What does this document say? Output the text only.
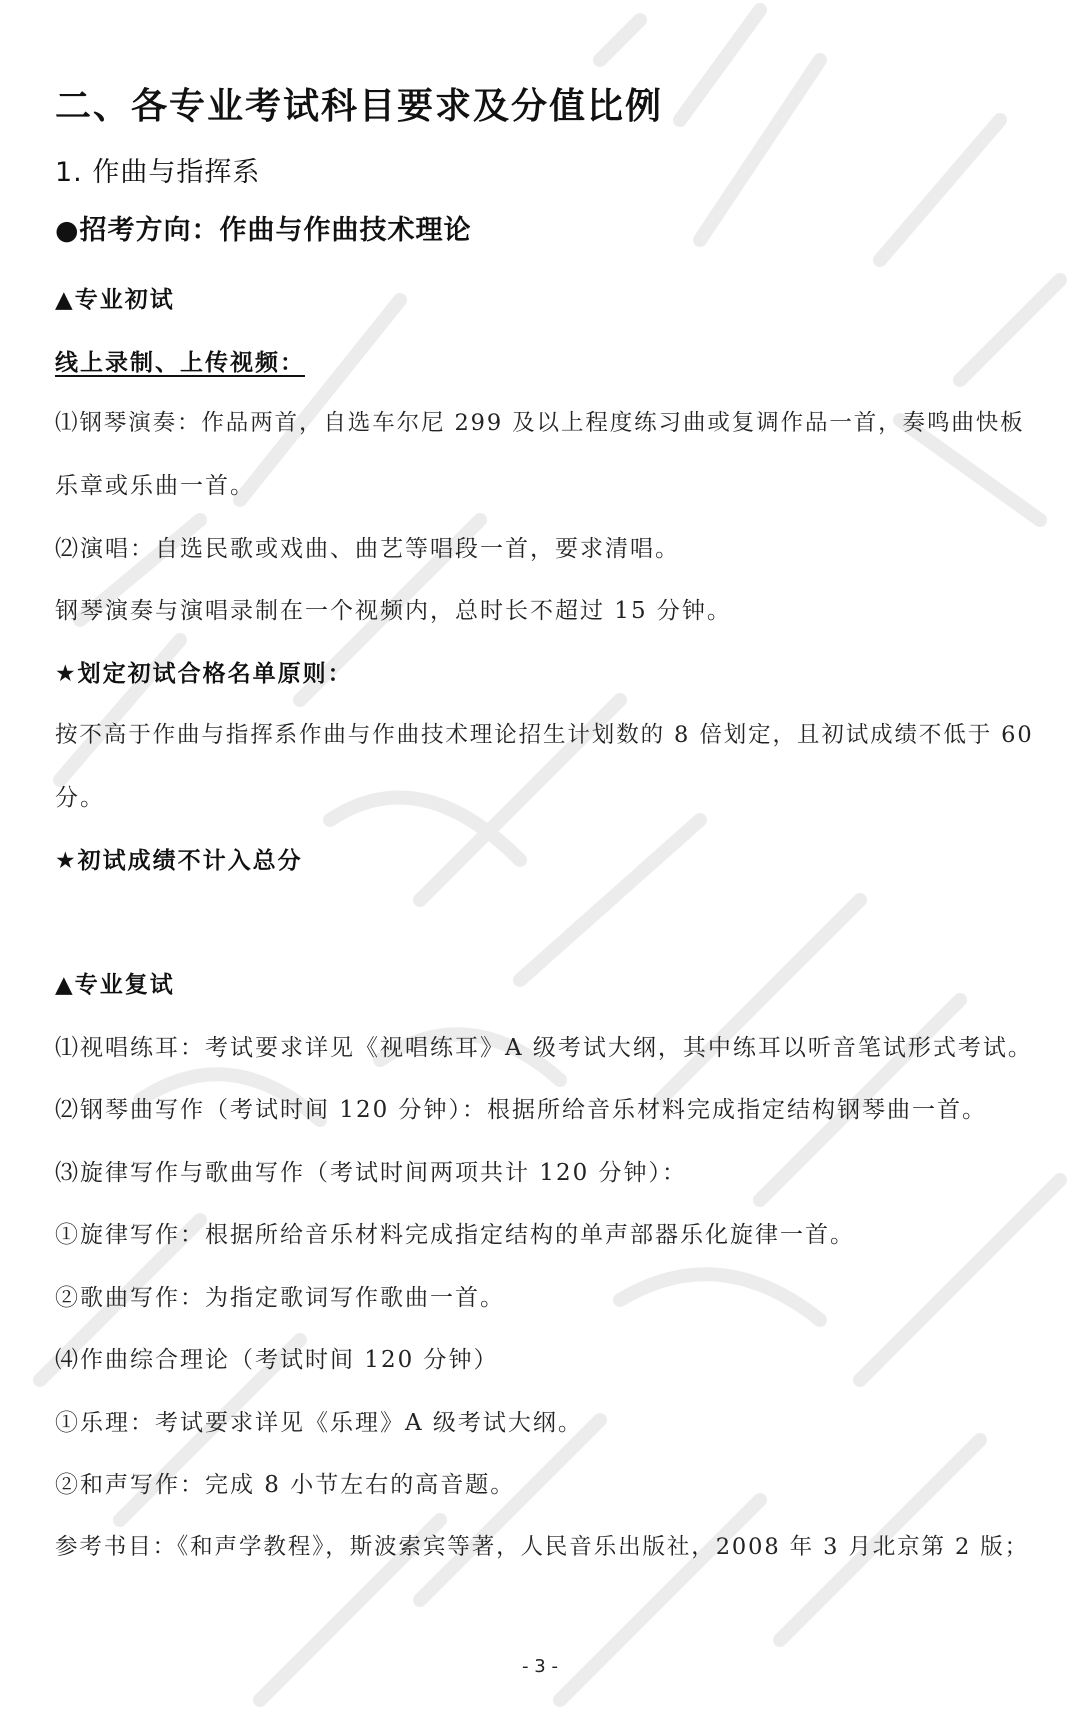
二、各专业考试科目要求及分值比例
1. 作曲与指挥系
●招考方向：作曲与作曲技术理论
▲专业初试
线上录制、上传视频：
⑴钢琴演奏：作品两首，自选车尔尼 299 及以上程度练习曲或复调作品一首，奏鸣曲快板
乐章或乐曲一首。
⑵演唱：自选民歌或戏曲、曲艺等唱段一首，要求清唱。
钢琴演奏与演唱录制在一个视频内，总时长不超过 15 分钟。
★划定初试合格名单原则：
按不高于作曲与指挥系作曲与作曲技术理论招生计划数的 8 倍划定，且初试成绩不低于 60
分。
★初试成绩不计入总分
▲专业复试
⑴视唱练耳：考试要求详见《视唱练耳》A 级考试大纲，其中练耳以听音笔试形式考试。
⑵钢琴曲写作（考试时间 120 分钟）：根据所给音乐材料完成指定结构钢琴曲一首。
⑶旋律写作与歌曲写作（考试时间两项共计 120 分钟）：
①旋律写作：根据所给音乐材料完成指定结构的单声部器乐化旋律一首。
②歌曲写作：为指定歌词写作歌曲一首。
⑷作曲综合理论（考试时间 120 分钟）
①乐理：考试要求详见《乐理》A 级考试大纲。
②和声写作：完成 8 小节左右的高音题。
参考书目：《和声学教程》，斯波索宾等著，人民音乐出版社，2008 年 3 月北京第 2 版；
- 3 -
